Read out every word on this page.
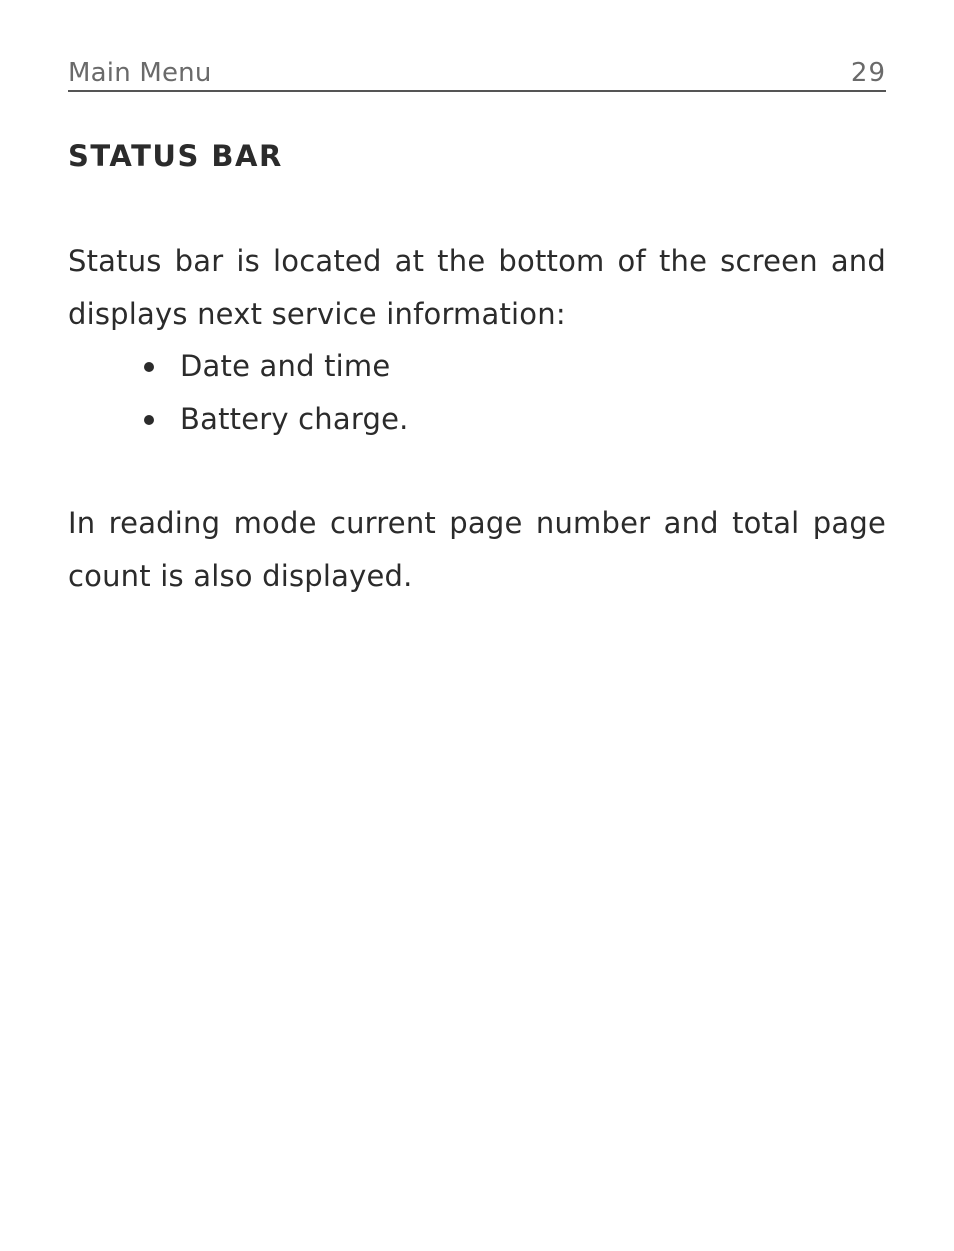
Main Menu	29
STATUS BAR

Status bar is located at the bottom of the screen and
displays next service information:

Date and time
Battery charge.

In reading mode current page number and total page
count is also displayed.
